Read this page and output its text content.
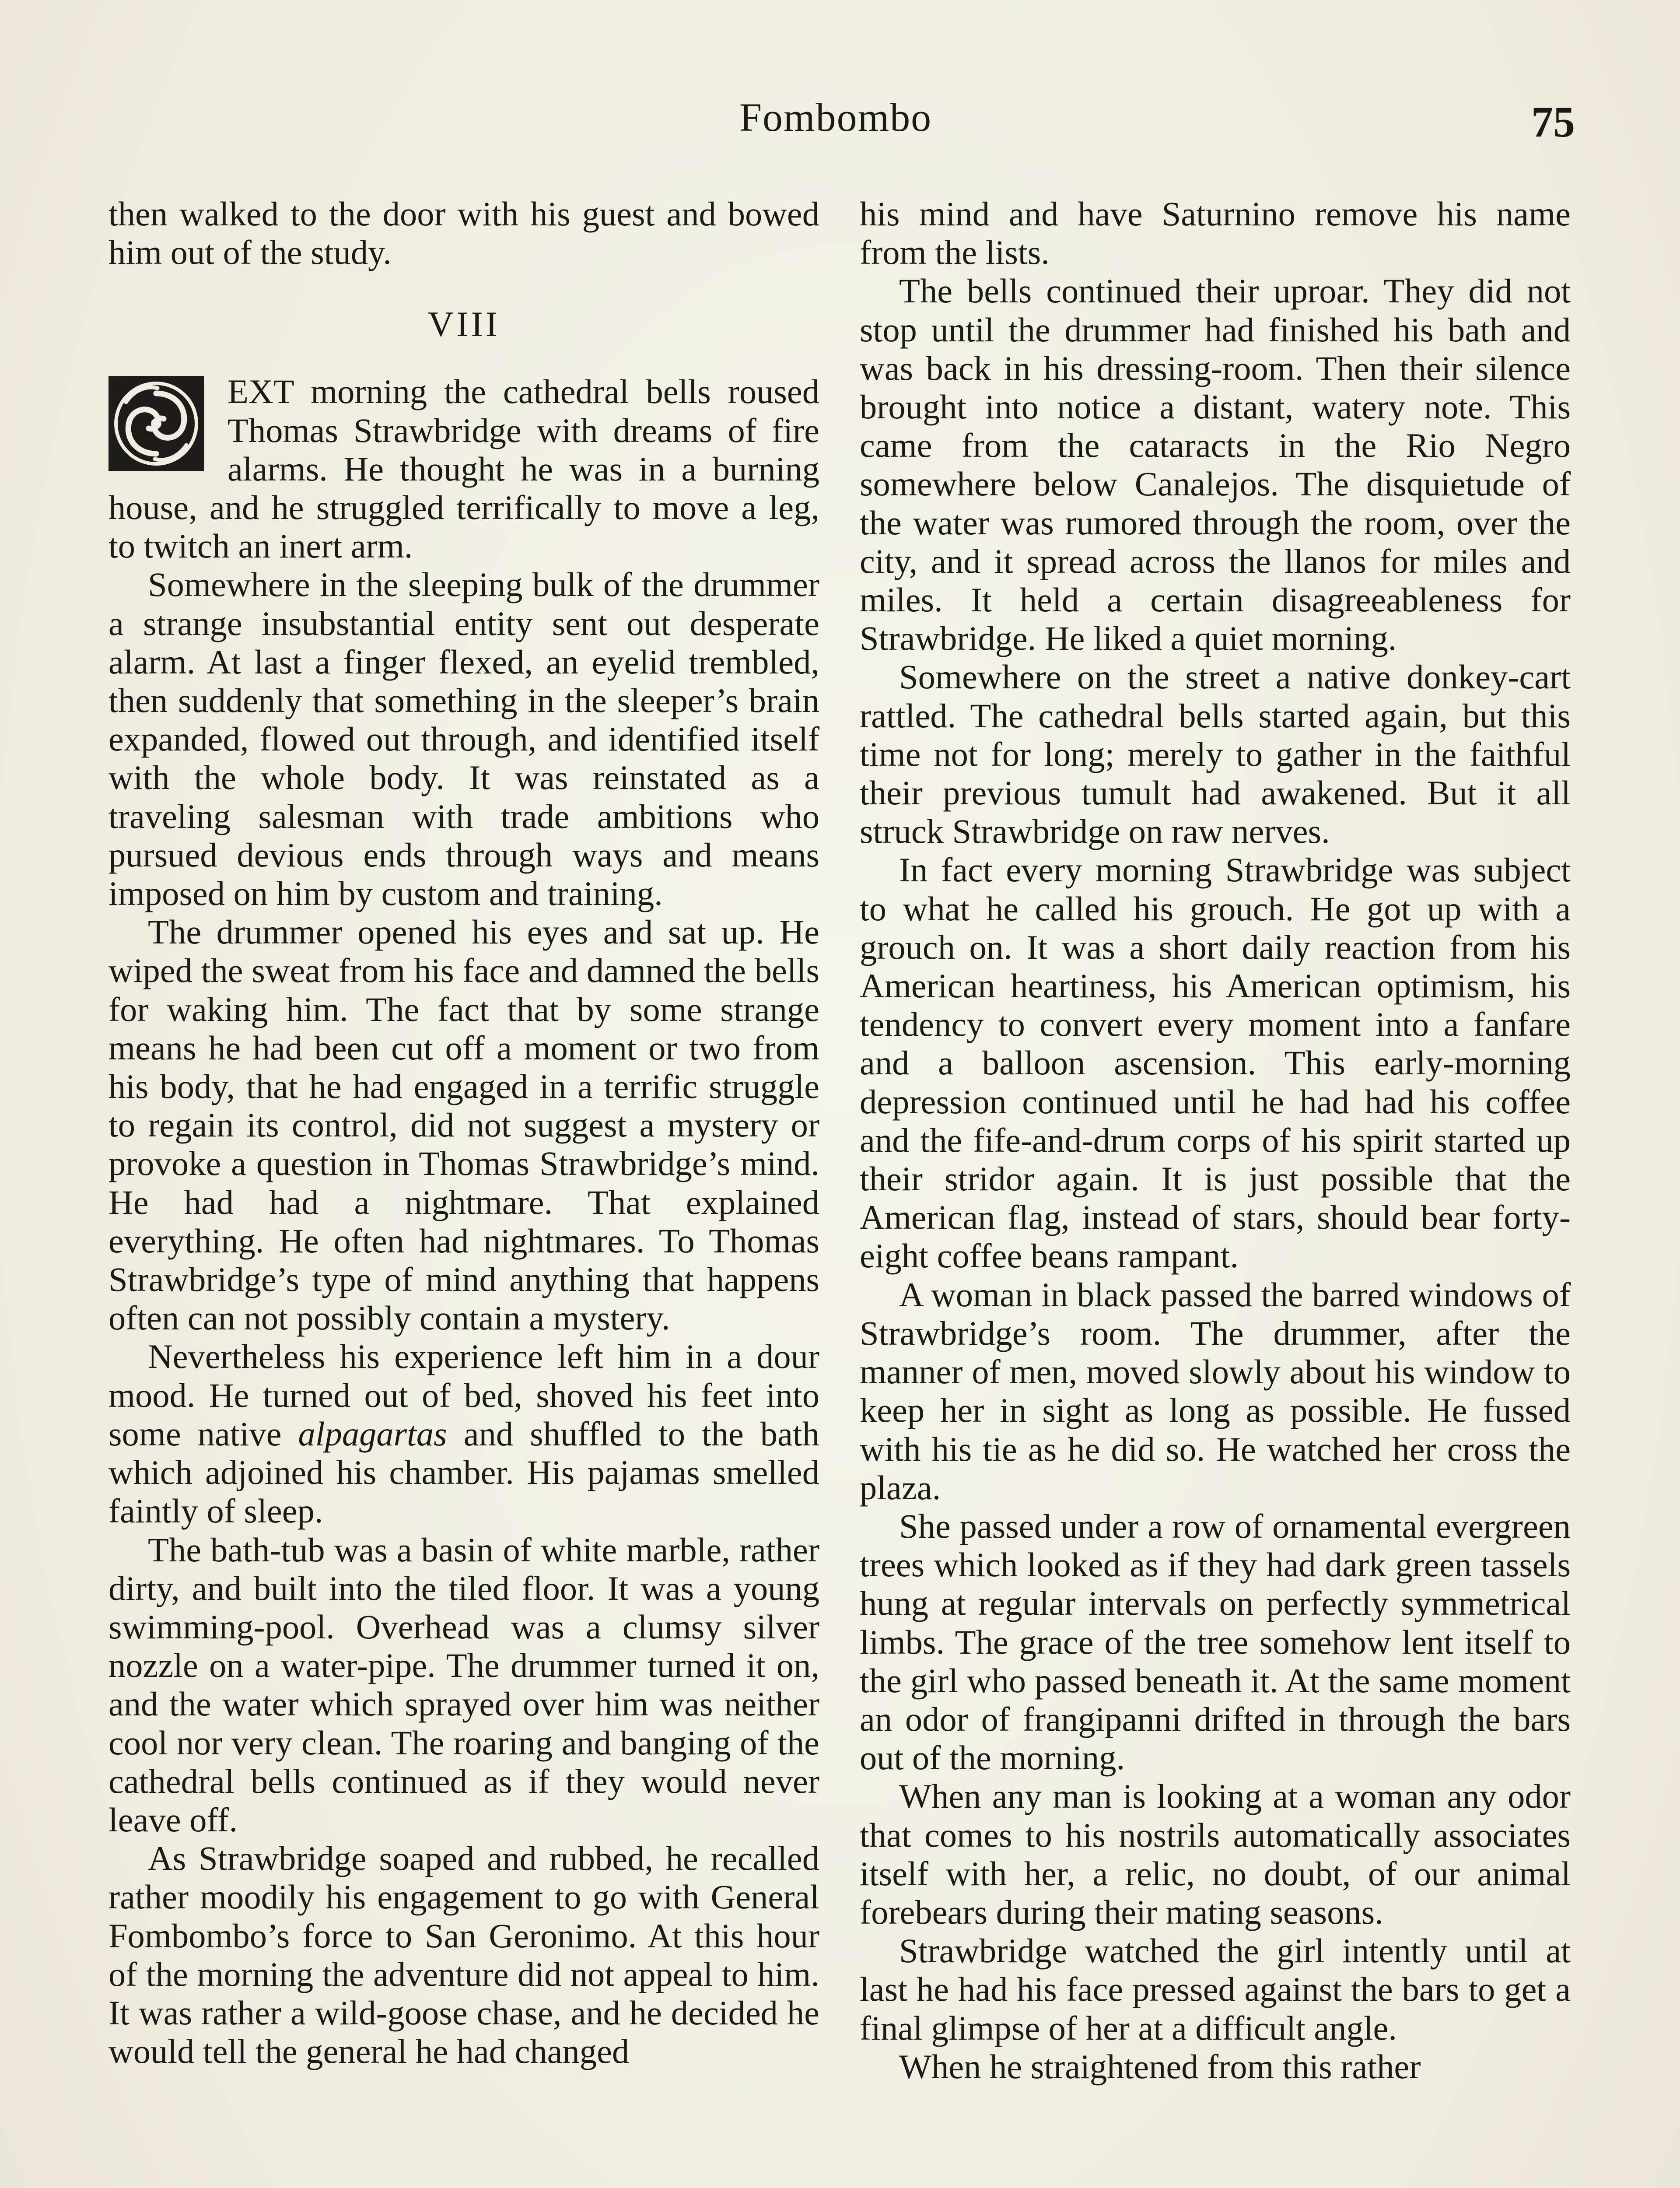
Fombombo	75

then walked to the door with his guest and bowed him out of the study.

VIII

EXT morning the cathedral bells roused Thomas Strawbridge with dreams of fire alarms. He thought he was in a burning house, and he struggled terrifically to move a leg, to twitch an inert arm.

Somewhere in the sleeping bulk of the drummer a strange insubstantial entity sent out desperate alarm. At last a finger flexed, an eyelid trembled, then suddenly that something in the sleeper’s brain expanded, flowed out through, and identified itself with the whole body. It was reinstated as a traveling salesman with trade ambitions who pursued devious ends through ways and means imposed on him by custom and training.

The drummer opened his eyes and sat up. He wiped the sweat from his face and damned the bells for waking him. The fact that by some strange means he had been cut off a moment or two from his body, that he had engaged in a terrific struggle to regain its control, did not suggest a mystery or provoke a question in Thomas Strawbridge’s mind. He had had a nightmare. That explained everything. He often had nightmares. To Thomas Strawbridge’s type of mind anything that happens often can not possibly contain a mystery.

Nevertheless his experience left him in a dour mood. He turned out of bed, shoved his feet into some native alpagartas and shuffled to the bath which adjoined his chamber. His pajamas smelled faintly of sleep.

The bath-tub was a basin of white marble, rather dirty, and built into the tiled floor. It was a young swimming-pool. Overhead was a clumsy silver nozzle on a water-pipe. The drummer turned it on, and the water which sprayed over him was neither cool nor very clean. The roaring and banging of the cathedral bells continued as if they would never leave off.

As Strawbridge soaped and rubbed, he recalled rather moodily his engagement to go with General Fombombo’s force to San Geronimo. At this hour of the morning the adventure did not appeal to him. It was rather a wild-goose chase, and he decided he would tell the general he had changed

his mind and have Saturnino remove his name from the lists.

The bells continued their uproar. They did not stop until the drummer had finished his bath and was back in his dressing-room. Then their silence brought into notice a distant, watery note. This came from the cataracts in the Rio Negro somewhere below Canalejos. The disquietude of the water was rumored through the room, over the city, and it spread across the llanos for miles and miles. It held a certain disagreeableness for Strawbridge. He liked a quiet morning.

Somewhere on the street a native donkey-cart rattled. The cathedral bells started again, but this time not for long; merely to gather in the faithful their previous tumult had awakened. But it all struck Strawbridge on raw nerves.

In fact every morning Strawbridge was subject to what he called his grouch. He got up with a grouch on. It was a short daily reaction from his American heartiness, his American optimism, his tendency to convert every moment into a fanfare and a balloon ascension. This early-morning depression continued until he had had his coffee and the fife-and-drum corps of his spirit started up their stridor again. It is just possible that the American flag, instead of stars, should bear forty-eight coffee beans rampant.

A woman in black passed the barred windows of Strawbridge’s room. The drummer, after the manner of men, moved slowly about his window to keep her in sight as long as possible. He fussed with his tie as he did so. He watched her cross the plaza.

She passed under a row of ornamental evergreen trees which looked as if they had dark green tassels hung at regular intervals on perfectly symmetrical limbs. The grace of the tree somehow lent itself to the girl who passed beneath it. At the same moment an odor of frangipanni drifted in through the bars out of the morning.

When any man is looking at a woman any odor that comes to his nostrils automatically associates itself with her, a relic, no doubt, of our animal forebears during their mating seasons.

Strawbridge watched the girl intently until at last he had his face pressed against the bars to get a final glimpse of her at a difficult angle.

When he straightened from this rather
